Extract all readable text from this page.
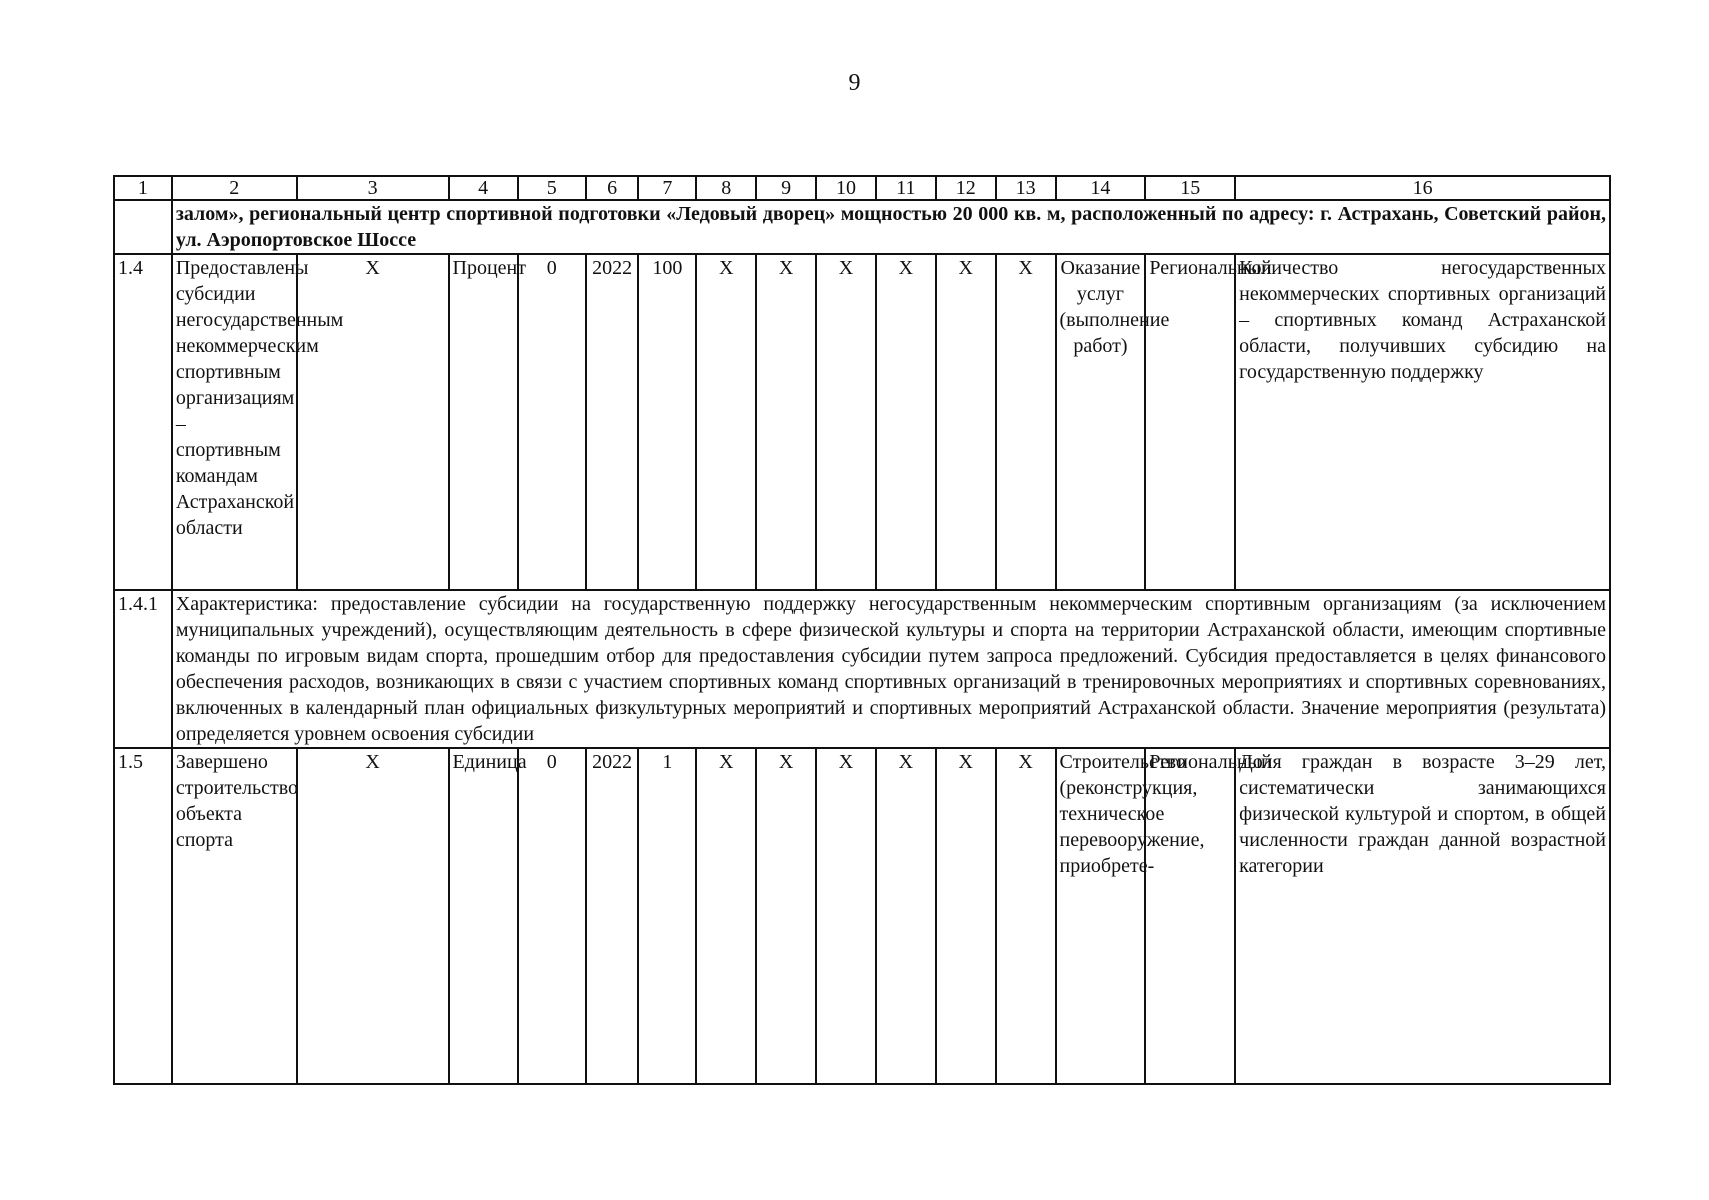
9
1	2	3	4	5	6	7	8	9	10	11	12	13	14	15	16
	залом», региональный центр спортивной подготовки «Ледовый дворец» мощностью 20 000 кв. м, расположенный по адресу: г. Астрахань, Советский район, ул. Аэропортовское Шоссе														
1.4	Предоставлены субсидии негосударственным некоммерческим спортивным организациям – спортивным командам Астраханской области	Х	Процент	0	2022	100	Х	Х	Х	Х	Х	Х	Оказание услуг (выполнение работ)	Региональный	Количество негосударственных некоммерческих спортивных организаций – спортивных команд Астраханской области, получивших субсидию на государственную поддержку
1.4.1	Характеристика: предоставление субсидии на государственную поддержку негосударственным некоммерческим спортивным организациям (за исключением муниципальных учреждений), осуществляющим деятельность в сфере физической культуры и спорта на территории Астраханской области, имеющим спортивные команды по игровым видам спорта, прошедшим отбор для предоставления субсидии путем запроса предложений. Субсидия предоставляется в целях финансового обеспечения расходов, возникающих в связи с участием спортивных команд спортивных организаций в тренировочных мероприятиях и спортивных соревнованиях, включенных в календарный план официальных физкультурных мероприятий и спортивных мероприятий Астраханской области. Значение мероприятия (результата) определяется уровнем освоения субсидии														
1.5	Завершено строительство объекта спорта	Х	Единица	0	2022	1	Х	Х	Х	Х	Х	Х	Строительство (реконструкция, техническое перевооружение, приобрете-	Региональный	Доля граждан в возрасте 3–29 лет, систематически занимающихся физической культурой и спортом, в общей численности граждан данной возрастной категории
